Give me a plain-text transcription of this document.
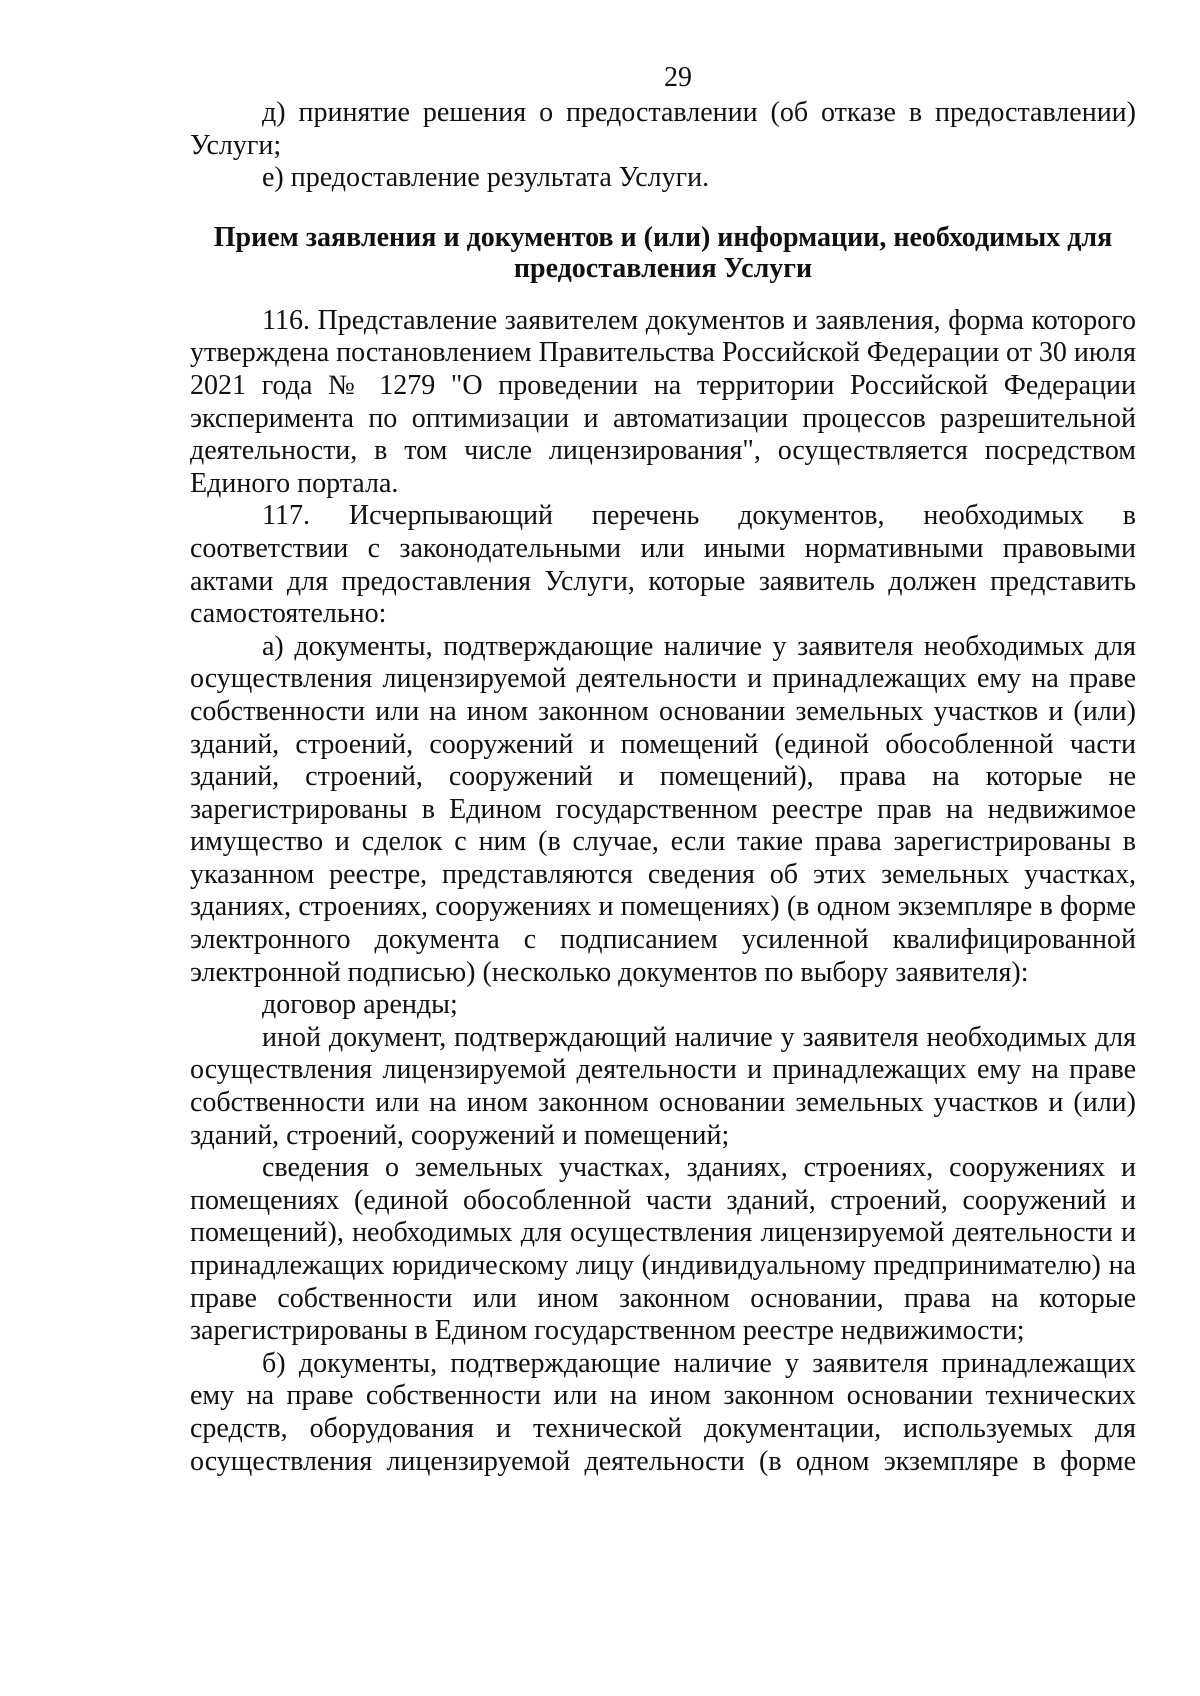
29

д) принятие решения о предоставлении (об отказе в предоставлении) Услуги;

е) предоставление результата Услуги.

Прием заявления и документов и (или) информации, необходимых для
предоставления Услуги

116. Представление заявителем документов и заявления, форма которого утверждена постановлением Правительства Российской Федерации от 30 июля 2021 года № 1279 "О проведении на территории Российской Федерации эксперимента по оптимизации и автоматизации процессов разрешительной деятельности, в том числе лицензирования", осуществляется посредством Единого портала.

117. Исчерпывающий перечень документов, необходимых в соответствии с законодательными или иными нормативными правовыми актами для предоставления Услуги, которые заявитель должен представить самостоятельно:

а) документы, подтверждающие наличие у заявителя необходимых для осуществления лицензируемой деятельности и принадлежащих ему на праве собственности или на ином законном основании земельных участков и (или) зданий, строений, сооружений и помещений (единой обособленной части зданий, строений, сооружений и помещений), права на которые не зарегистрированы в Едином государственном реестре прав на недвижимое имущество и сделок с ним (в случае, если такие права зарегистрированы в указанном реестре, представляются сведения об этих земельных участках, зданиях, строениях, сооружениях и помещениях) (в одном экземпляре в форме электронного документа с подписанием усиленной квалифицированной электронной подписью) (несколько документов по выбору заявителя):

договор аренды;

иной документ, подтверждающий наличие у заявителя необходимых для осуществления лицензируемой деятельности и принадлежащих ему на праве собственности или на ином законном основании земельных участков и (или) зданий, строений, сооружений и помещений;

сведения о земельных участках, зданиях, строениях, сооружениях и помещениях (единой обособленной части зданий, строений, сооружений и помещений), необходимых для осуществления лицензируемой деятельности и принадлежащих юридическому лицу (индивидуальному предпринимателю) на праве собственности или ином законном основании, права на которые зарегистрированы в Едином государственном реестре недвижимости;

б) документы, подтверждающие наличие у заявителя принадлежащих ему на праве собственности или на ином законном основании технических средств, оборудования и технической документации, используемых для осуществления лицензируемой деятельности (в одном экземпляре в форме
